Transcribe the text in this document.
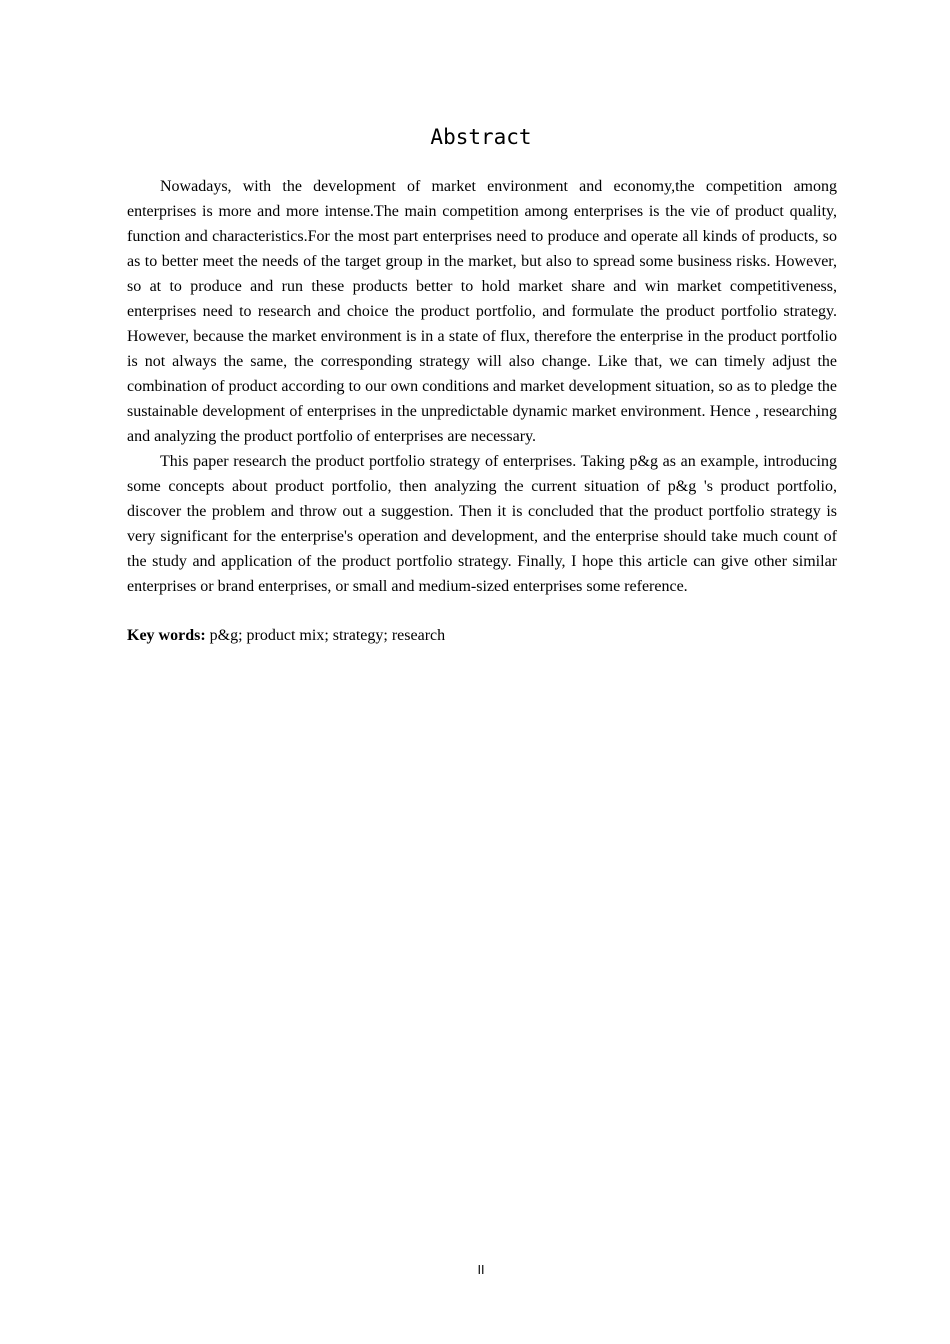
Abstract

Nowadays, with the development of market environment and economy,the competition among enterprises is more and more intense.The main competition among enterprises is the vie of product quality, function and characteristics.For the most part enterprises need to produce and operate all kinds of products, so as to better meet the needs of the target group in the market, but also to spread some business risks. However, so at to produce and run these products better to hold market share and win market competitiveness, enterprises need to research and choice the product portfolio, and formulate the product portfolio strategy. However, because the market environment is in a state of flux, therefore the enterprise in the product portfolio is not always the same, the corresponding strategy will also change. Like that, we can timely adjust the combination of product according to our own conditions and market development situation, so as to pledge the sustainable development of enterprises in the unpredictable dynamic market environment. Hence , researching and analyzing the product portfolio of enterprises are necessary.

This paper research the product portfolio strategy of enterprises. Taking p&g as an example, introducing some concepts about product portfolio, then analyzing the current situation of p&g 's product portfolio, discover the problem and throw out a suggestion. Then it is concluded that the product portfolio strategy is very significant for the enterprise's operation and development, and the enterprise should take much count of the study and application of the product portfolio strategy. Finally, I hope this article can give other similar enterprises or brand enterprises, or small and medium-sized enterprises some reference.

Key words: p&g; product mix; strategy; research
II
